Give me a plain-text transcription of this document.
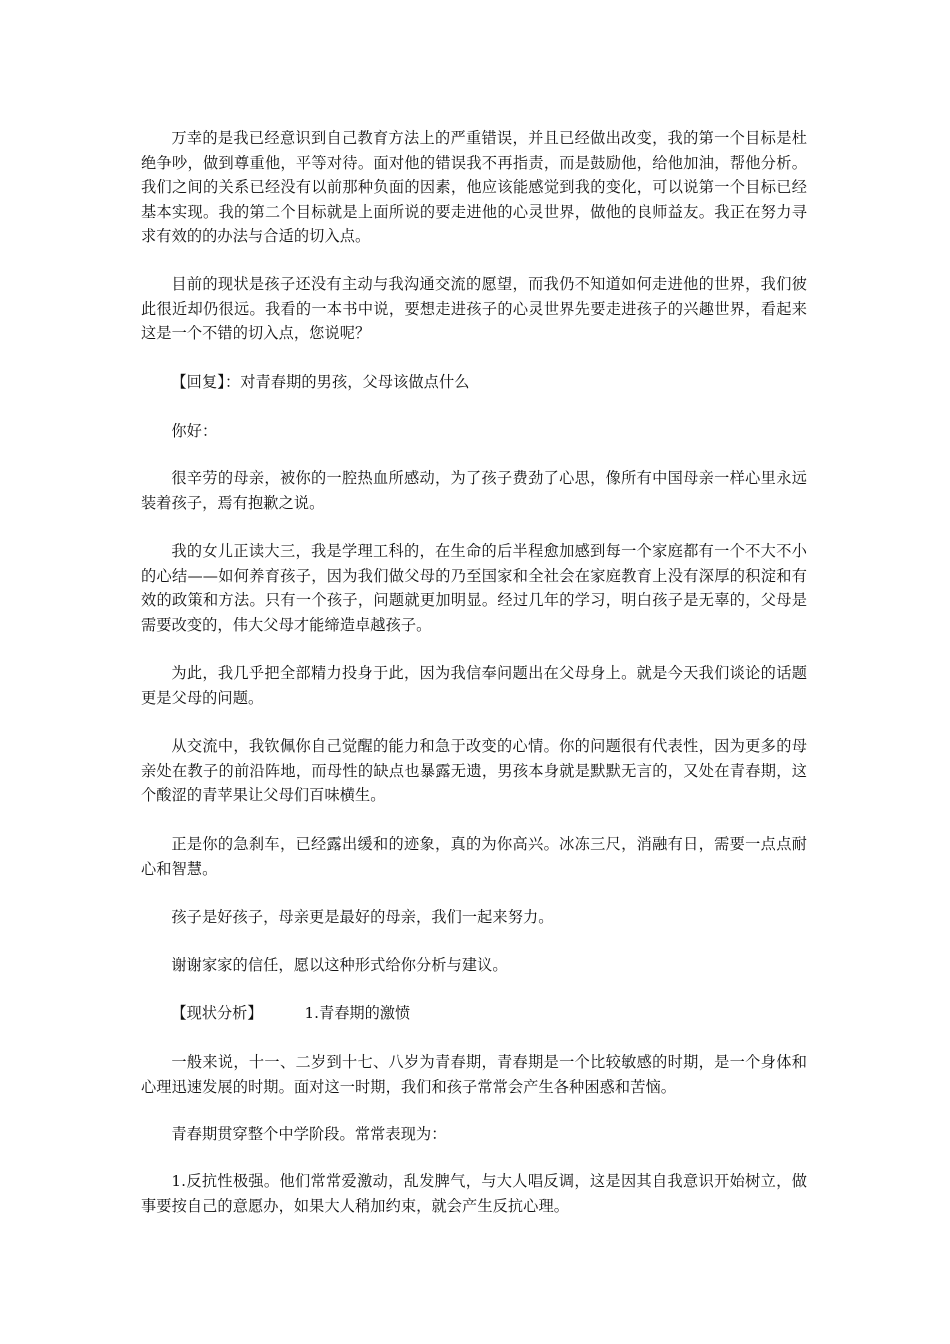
万幸的是我已经意识到自己教育方法上的严重错误，并且已经做出改变，我的第一个目标是杜绝争吵，做到尊重他，平等对待。面对他的错误我不再指责，而是鼓励他，给他加油，帮他分析。我们之间的关系已经没有以前那种负面的因素，他应该能感觉到我的变化，可以说第一个目标已经基本实现。我的第二个目标就是上面所说的要走进他的心灵世界，做他的良师益友。我正在努力寻求有效的的办法与合适的切入点。

目前的现状是孩子还没有主动与我沟通交流的愿望，而我仍不知道如何走进他的世界，我们彼此很近却仍很远。我看的一本书中说，要想走进孩子的心灵世界先要走进孩子的兴趣世界，看起来这是一个不错的切入点，您说呢？

【回复】：对青春期的男孩，父母该做点什么

你好：

很辛劳的母亲，被你的一腔热血所感动，为了孩子费劲了心思，像所有中国母亲一样心里永远装着孩子，焉有抱歉之说。

我的女儿正读大三，我是学理工科的，在生命的后半程愈加感到每一个家庭都有一个不大不小的心结——如何养育孩子，因为我们做父母的乃至国家和全社会在家庭教育上没有深厚的积淀和有效的政策和方法。只有一个孩子，问题就更加明显。经过几年的学习，明白孩子是无辜的，父母是需要改变的，伟大父母才能缔造卓越孩子。

为此，我几乎把全部精力投身于此，因为我信奉问题出在父母身上。就是今天我们谈论的话题更是父母的问题。

从交流中，我钦佩你自己觉醒的能力和急于改变的心情。你的问题很有代表性，因为更多的母亲处在教子的前沿阵地，而母性的缺点也暴露无遗，男孩本身就是默默无言的，又处在青春期，这个酸涩的青苹果让父母们百味横生。

正是你的急刹车，已经露出缓和的迹象，真的为你高兴。冰冻三尺，消融有日，需要一点点耐心和智慧。

孩子是好孩子，母亲更是最好的母亲，我们一起来努力。

谢谢家家的信任，愿以这种形式给你分析与建议。

【现状分析】	1.青春期的激愤

一般来说，十一、二岁到十七、八岁为青春期，青春期是一个比较敏感的时期，是一个身体和心理迅速发展的时期。面对这一时期，我们和孩子常常会产生各种困惑和苦恼。

青春期贯穿整个中学阶段。常常表现为：

1.反抗性极强。他们常常爱激动，乱发脾气，与大人唱反调，这是因其自我意识开始树立，做事要按自己的意愿办，如果大人稍加约束，就会产生反抗心理。
